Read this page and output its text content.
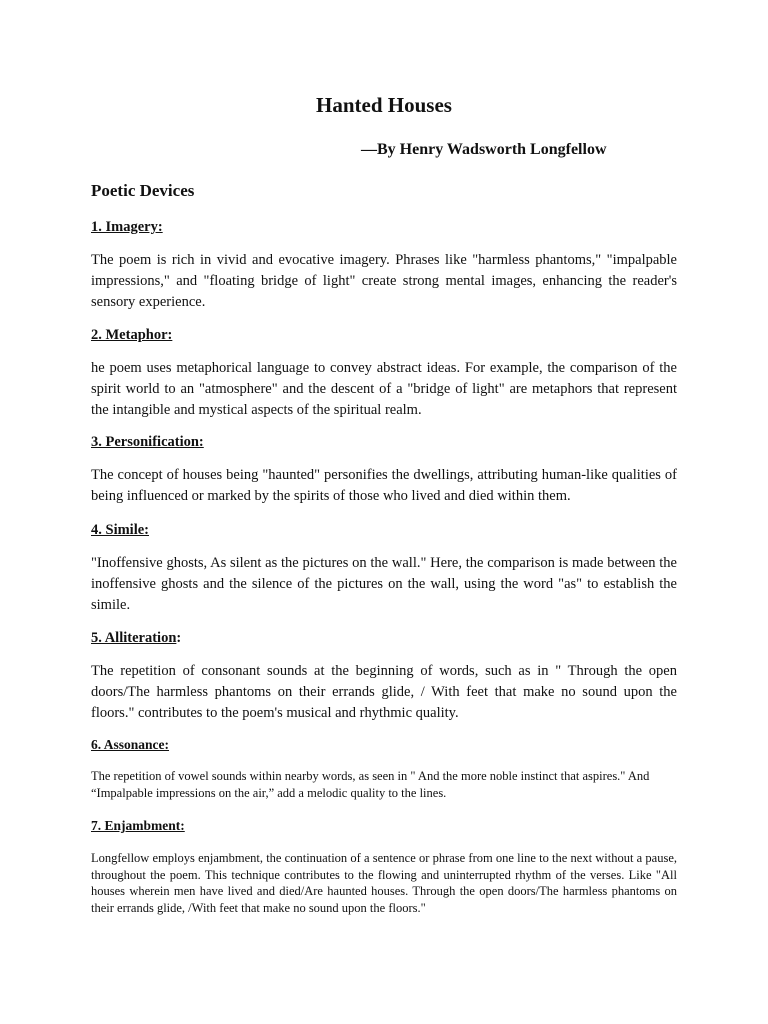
Hanted Houses
—By Henry Wadsworth Longfellow
Poetic Devices
1. Imagery:

The poem is rich in vivid and evocative imagery. Phrases like "harmless phantoms," "impalpable impressions," and "floating bridge of light" create strong mental images, enhancing the reader's sensory experience.

2. Metaphor:

he poem uses metaphorical language to convey abstract ideas. For example, the comparison of the spirit world to an "atmosphere" and the descent of a "bridge of light" are metaphors that represent the intangible and mystical aspects of the spiritual realm.

3. Personification:

The concept of houses being "haunted" personifies the dwellings, attributing human-like qualities of being influenced or marked by the spirits of those who lived and died within them.

4. Simile:

"Inoffensive ghosts, As silent as the pictures on the wall." Here, the comparison is made between the inoffensive ghosts and the silence of the pictures on the wall, using the word "as" to establish the simile.

5. Alliteration:

The repetition of consonant sounds at the beginning of words, such as in " Through the open doors/The harmless phantoms on their errands glide, / With feet that make no sound upon the floors." contributes to the poem's musical and rhythmic quality.

6. Assonance:

The repetition of vowel sounds within nearby words, as seen in " And the more noble instinct that aspires." And “Impalpable impressions on the air,” add a melodic quality to the lines.

7. Enjambment:

Longfellow employs enjambment, the continuation of a sentence or phrase from one line to the next without a pause, throughout the poem. This technique contributes to the flowing and uninterrupted rhythm of the verses. Like "All houses wherein men have lived and died/Are haunted houses. Through the open doors/The harmless phantoms on their errands glide, /With feet that make no sound upon the floors."
